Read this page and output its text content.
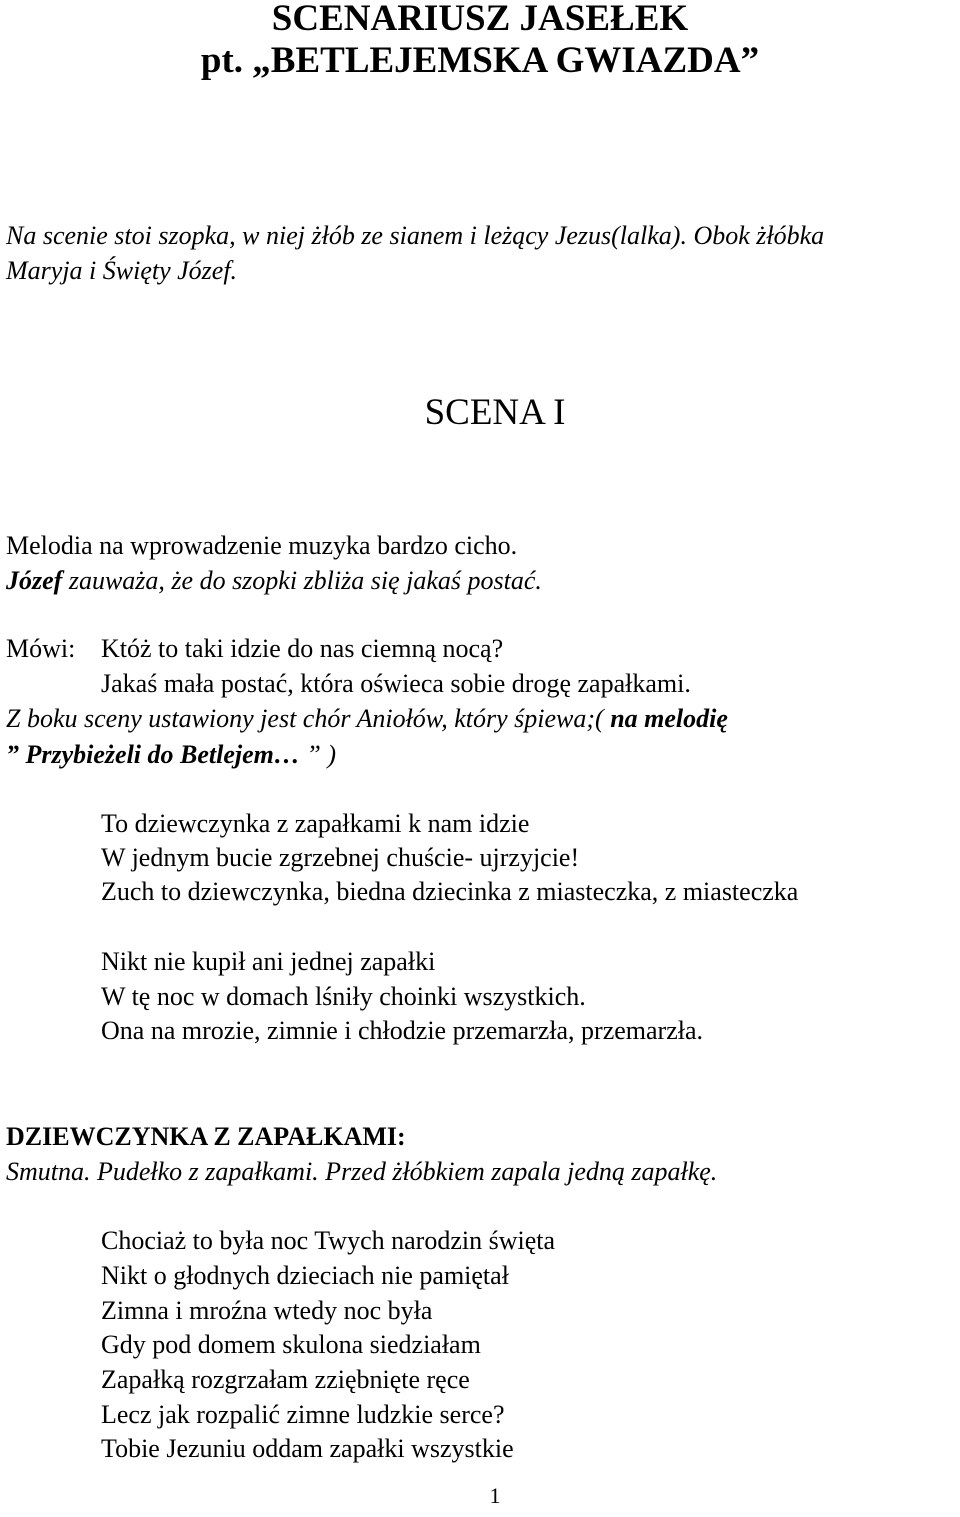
SCENARIUSZ JASEŁEK
pt. „BETLEJEMSKA GWIAZDA”
Na scenie stoi szopka, w niej żłób ze sianem i leżący Jezus(lalka). Obok żłóbka
Maryja i Święty Józef.
SCENA I
Melodia na wprowadzenie muzyka bardzo cicho.
Józef zauważa, że do szopki zbliża się jakaś postać.
Mówi: Któż to taki idzie do nas ciemną nocą?
Jakaś mała postać, która oświeca sobie drogę zapałkami.
Z boku sceny ustawiony jest chór Aniołów, który śpiewa;( na melodię
” Przybieżeli do Betlejem… ” )
To dziewczynka z zapałkami k nam idzie
W jednym bucie zgrzebnej chuście- ujrzyjcie!
Zuch to dziewczynka, biedna dziecinka z miasteczka, z miasteczka
Nikt nie kupił ani jednej zapałki
W tę noc w domach lśniły choinki wszystkich.
Ona na mrozie, zimnie i chłodzie przemarzła, przemarzła.
DZIEWCZYNKA Z ZAPAŁKAMI:
Smutna. Pudełko z zapałkami. Przed żłóbkiem zapala jedną zapałkę.
Chociaż to była noc Twych narodzin święta
Nikt o głodnych dzieciach nie pamiętał
Zimna i mroźna wtedy noc była
Gdy pod domem skulona siedziałam
Zapałką rozgrzałam zziębnięte ręce
Lecz jak rozpalić zimne ludzkie serce?
Tobie Jezuniu oddam zapałki wszystkie
1
